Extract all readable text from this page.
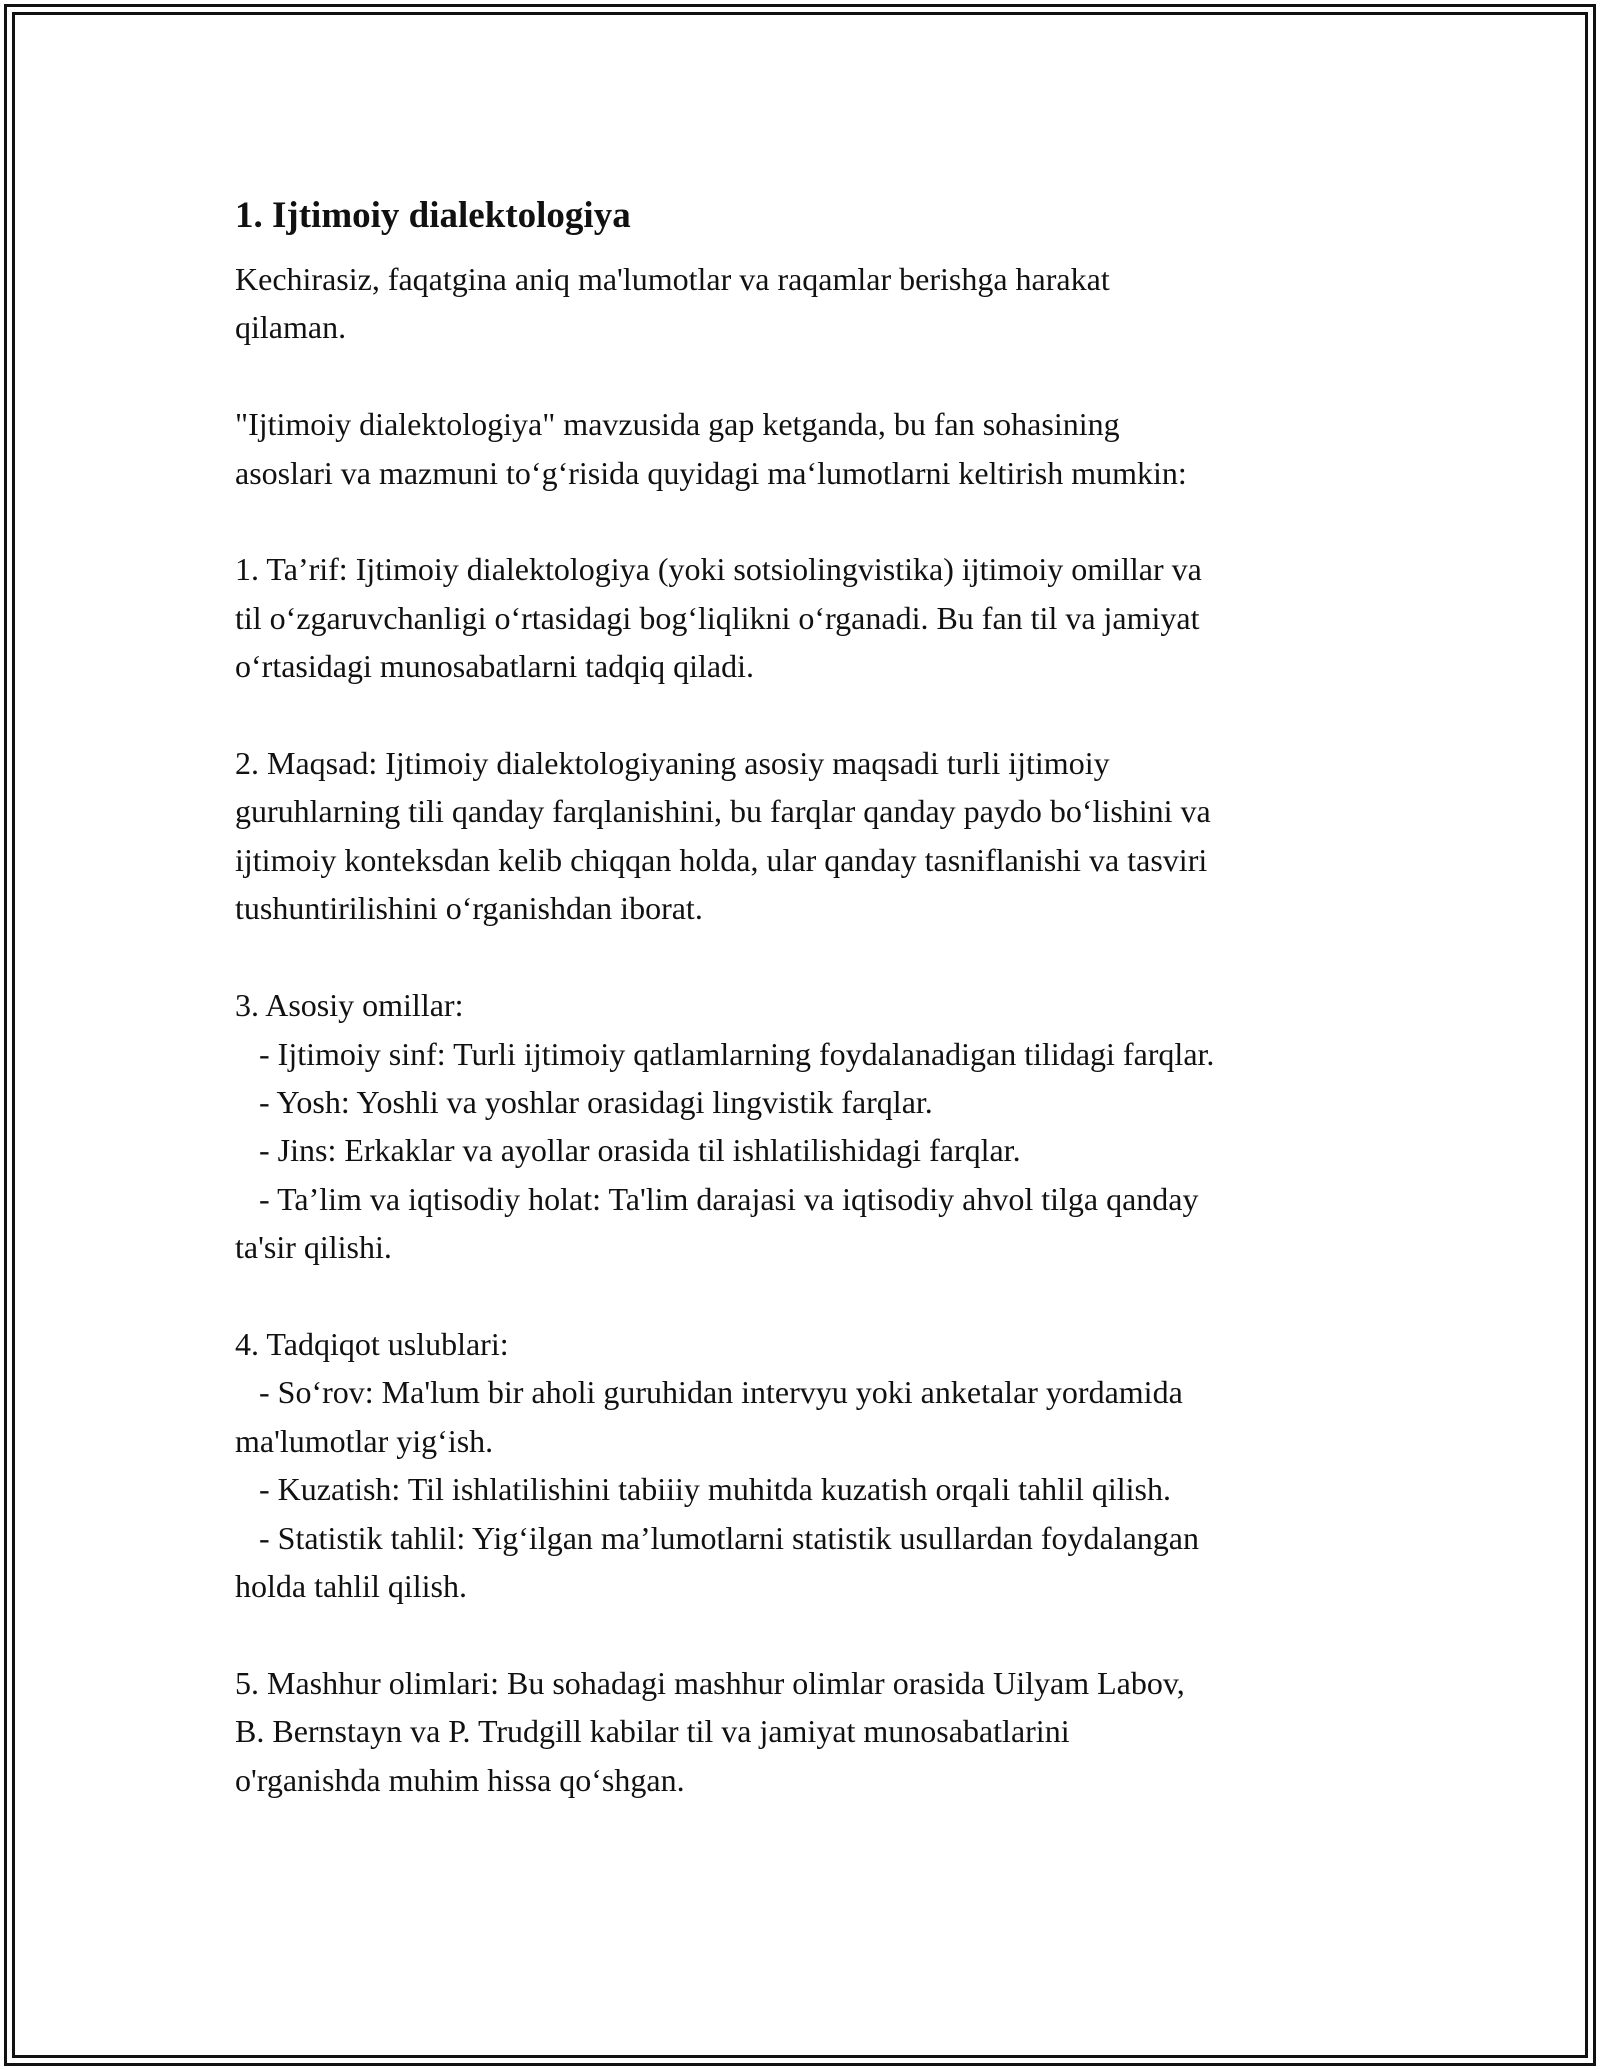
1. Ijtimoiy dialektologiya

Kechirasiz, faqatgina aniq ma'lumotlar va raqamlar berishga harakat

qilaman.

"Ijtimoiy dialektologiya" mavzusida gap ketganda, bu fan sohasining

asoslari va mazmuni to‘g‘risida quyidagi ma‘lumotlarni keltirish mumkin:

1. Ta’rif: Ijtimoiy dialektologiya (yoki sotsiolingvistika) ijtimoiy omillar va

til o‘zgaruvchanligi o‘rtasidagi bog‘liqlikni o‘rganadi. Bu fan til va jamiyat

o‘rtasidagi munosabatlarni tadqiq qiladi.

2. Maqsad: Ijtimoiy dialektologiyaning asosiy maqsadi turli ijtimoiy

guruhlarning tili qanday farqlanishini, bu farqlar qanday paydo bo‘lishini va

ijtimoiy konteksdan kelib chiqqan holda, ular qanday tasniflanishi va tasviri

tushuntirilishini o‘rganishdan iborat.

3. Asosiy omillar:

- Ijtimoiy sinf: Turli ijtimoiy qatlamlarning foydalanadigan tilidagi farqlar.

- Yosh: Yoshli va yoshlar orasidagi lingvistik farqlar.

- Jins: Erkaklar va ayollar orasida til ishlatilishidagi farqlar.

- Ta’lim va iqtisodiy holat: Ta'lim darajasi va iqtisodiy ahvol tilga qanday

ta'sir qilishi.

4. Tadqiqot uslublari:

- So‘rov: Ma'lum bir aholi guruhidan intervyu yoki anketalar yordamida

ma'lumotlar yig‘ish.

- Kuzatish: Til ishlatilishini tabiiiy muhitda kuzatish orqali tahlil qilish.

- Statistik tahlil: Yig‘ilgan ma’lumotlarni statistik usullardan foydalangan

holda tahlil qilish.

5. Mashhur olimlari: Bu sohadagi mashhur olimlar orasida Uilyam Labov,

B. Bernstayn va P. Trudgill kabilar til va jamiyat munosabatlarini

o'rganishda muhim hissa qo‘shgan.
